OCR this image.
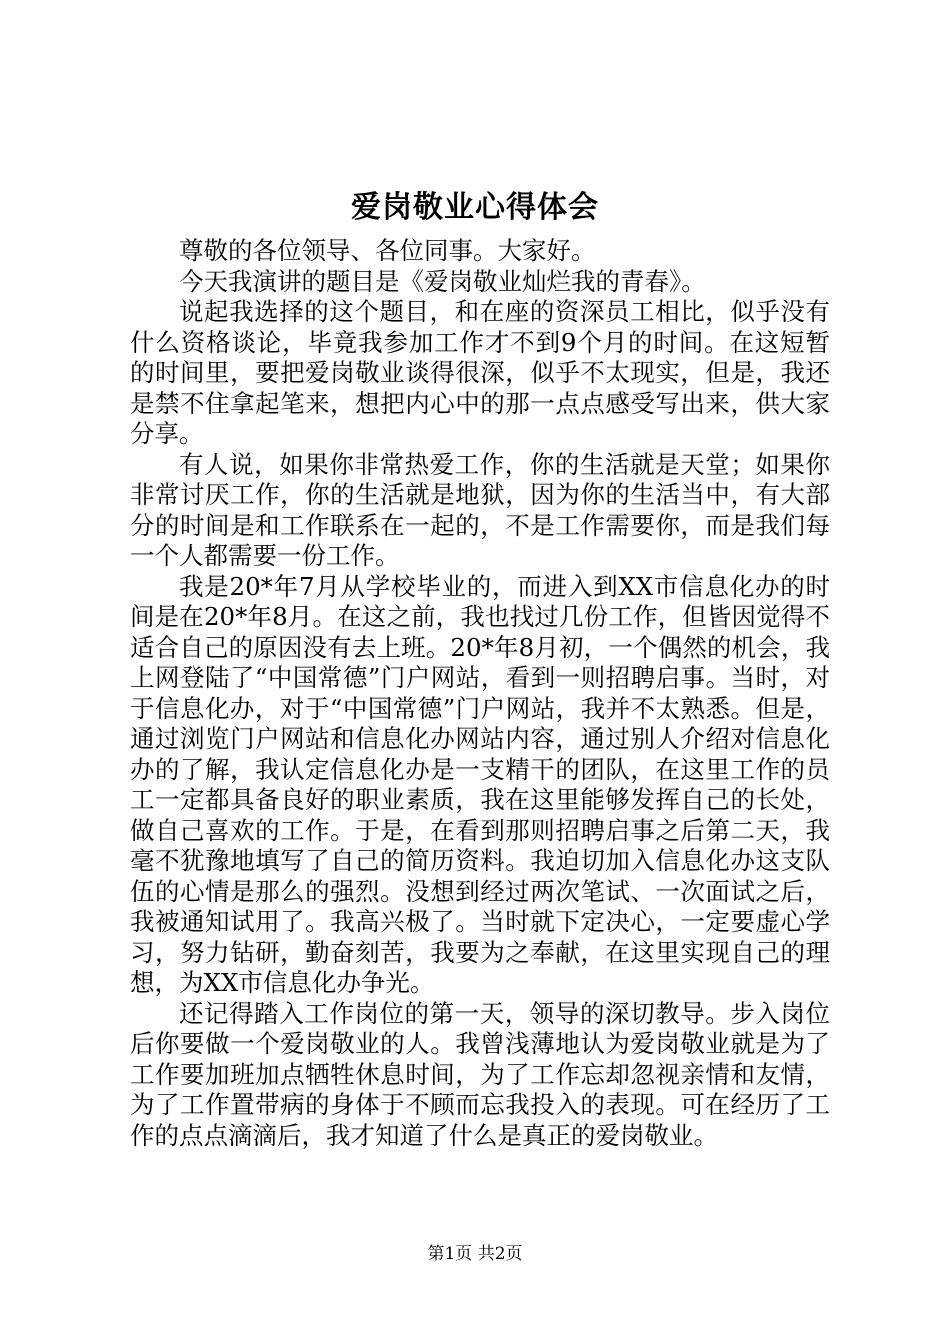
爱岗敬业心得体会

尊敬的各位领导、各位同事。大家好。

今天我演讲的题目是《爱岗敬业灿烂我的青春》。

说起我选择的这个题目，和在座的资深员工相比，似乎没有什么资格谈论，毕竟我参加工作才不到9个月的时间。在这短暂的时间里，要把爱岗敬业谈得很深，似乎不太现实，但是，我还是禁不住拿起笔来，想把内心中的那一点点感受写出来，供大家分享。

有人说，如果你非常热爱工作，你的生活就是天堂；如果你非常讨厌工作，你的生活就是地狱，因为你的生活当中，有大部分的时间是和工作联系在一起的，不是工作需要你，而是我们每一个人都需要一份工作。

我是20*年7月从学校毕业的，而进入到XX市信息化办的时间是在20*年8月。在这之前，我也找过几份工作，但皆因觉得不适合自己的原因没有去上班。20*年8月初，一个偶然的机会，我上网登陆了“中国常德”门户网站，看到一则招聘启事。当时，对于信息化办，对于“中国常德”门户网站，我并不太熟悉。但是，通过浏览门户网站和信息化办网站内容，通过别人介绍对信息化办的了解，我认定信息化办是一支精干的团队，在这里工作的员工一定都具备良好的职业素质，我在这里能够发挥自己的长处，做自己喜欢的工作。于是，在看到那则招聘启事之后第二天，我毫不犹豫地填写了自己的简历资料。我迫切加入信息化办这支队伍的心情是那么的强烈。没想到经过两次笔试、一次面试之后，我被通知试用了。我高兴极了。当时就下定决心，一定要虚心学习，努力钻研，勤奋刻苦，我要为之奉献，在这里实现自己的理想，为XX市信息化办争光。

还记得踏入工作岗位的第一天，领导的深切教导。步入岗位后你要做一个爱岗敬业的人。我曾浅薄地认为爱岗敬业就是为了工作要加班加点牺牲休息时间，为了工作忘却忽视亲情和友情，为了工作置带病的身体于不顾而忘我投入的表现。可在经历了工作的点点滴滴后，我才知道了什么是真正的爱岗敬业。

第1页 共2页
